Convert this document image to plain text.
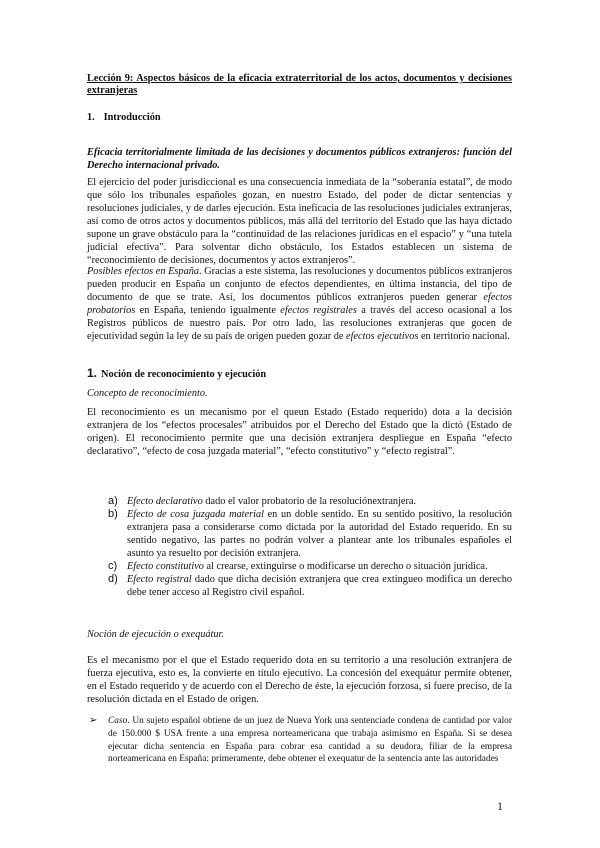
Lección 9: Aspectos básicos de la eficacia extraterritorial de los actos, documentos y decisiones extranjeras
1. Introducción
Eficacia territorialmente limitada de las decisiones y documentos públicos extranjeros: función del Derecho internacional privado.

El ejercicio del poder jurisdiccional es una consecuencia inmediata de la “soberanía estatal”, de modo que sólo los tribunales españoles gozan, en nuestro Estado, del poder de dictar sentencias y resoluciones judiciales, y de darles ejecución. Esta ineficacia de las resoluciones judiciales extranjeras, así como de otros actos y documentos públicos, más allá del territorio del Estado que las haya dictado supone un grave obstáculo para la “continuidad de las relaciones jurídicas en el espacio” y “una tutela judicial efectiva”. Para solventar dicho obstáculo, los Estados establecen un sistema de “reconocimiento de decisiones, documentos y actos extranjeros”.

Posibles efectos en España. Gracias a este sistema, las resoluciones y documentos públicos extranjeros pueden producir en España un conjunto de efectos dependientes, en última instancia, del tipo de documento de que se trate. Así, los documentos públicos extranjeros pueden generar efectos probatorios en España, teniendo igualmente efectos registrales a través del acceso ocasional a los Registros públicos de nuestro país. Por otro lado, las resoluciones extranjeras que gocen de ejecutividad según la ley de su país de origen pueden gozar de efectos ejecutivos en territorio nacional.

1. Noción de reconocimiento y ejecución

Concepto de reconocimiento.

El reconocimiento es un mecanismo por el queun Estado (Estado requerido) dota a la decisión extranjera de los “efectos procesales” atribuidos por el Derecho del Estado que la dictó (Estado de origen). El reconocimiento permite que una decisión extranjera despliegue en España “efecto declarativo”, “efecto de cosa juzgada material”, “efecto constitutivo” y “efecto registral”.

a) Efecto declarativo dado el valor probatorio de la resoluciónextranjera.
b) Efecto de cosa juzgada material en un doble sentido. En su sentido positivo, la resolución extranjera pasa a considerarse como dictada por la autoridad del Estado requerido. En su sentido negativo, las partes no podrán volver a plantear ante los tribunales españoles el asunto ya resuelto por decisión extranjera.
c) Efecto constitutivo al crearse, extinguirse o modificarse un derecho o situación jurídica.
d) Efecto registral dado que dicha decisión extranjera que crea extingueo modifica un derecho debe tener acceso al Registro civil español.

Noción de ejecución o exequátur.

Es el mecanismo por el que el Estado requerido dota en su territorio a una resolución extranjera de fuerza ejecutiva, esto es, la convierte en título ejecutivo. La concesión del exequátur permite obtener, en el Estado requerido y de acuerdo con el Derecho de éste, la ejecución forzosa, si fuere preciso, de la resolución dictada en el Estado de origen.

➢	Caso. Un sujeto español obtiene de un juez de Nueva York una sentenciade condena de cantidad por valor de 150.000 $ USA frente a una empresa norteamericana que trabaja asimismo en España. Si se desea ejecutar dicha sentencia en España para cobrar esa cantidad a su deudora, filiar de la empresa norteamericana en España: primeramente, debe obtener el exequatur de la sentencia ante las autoridades
1
